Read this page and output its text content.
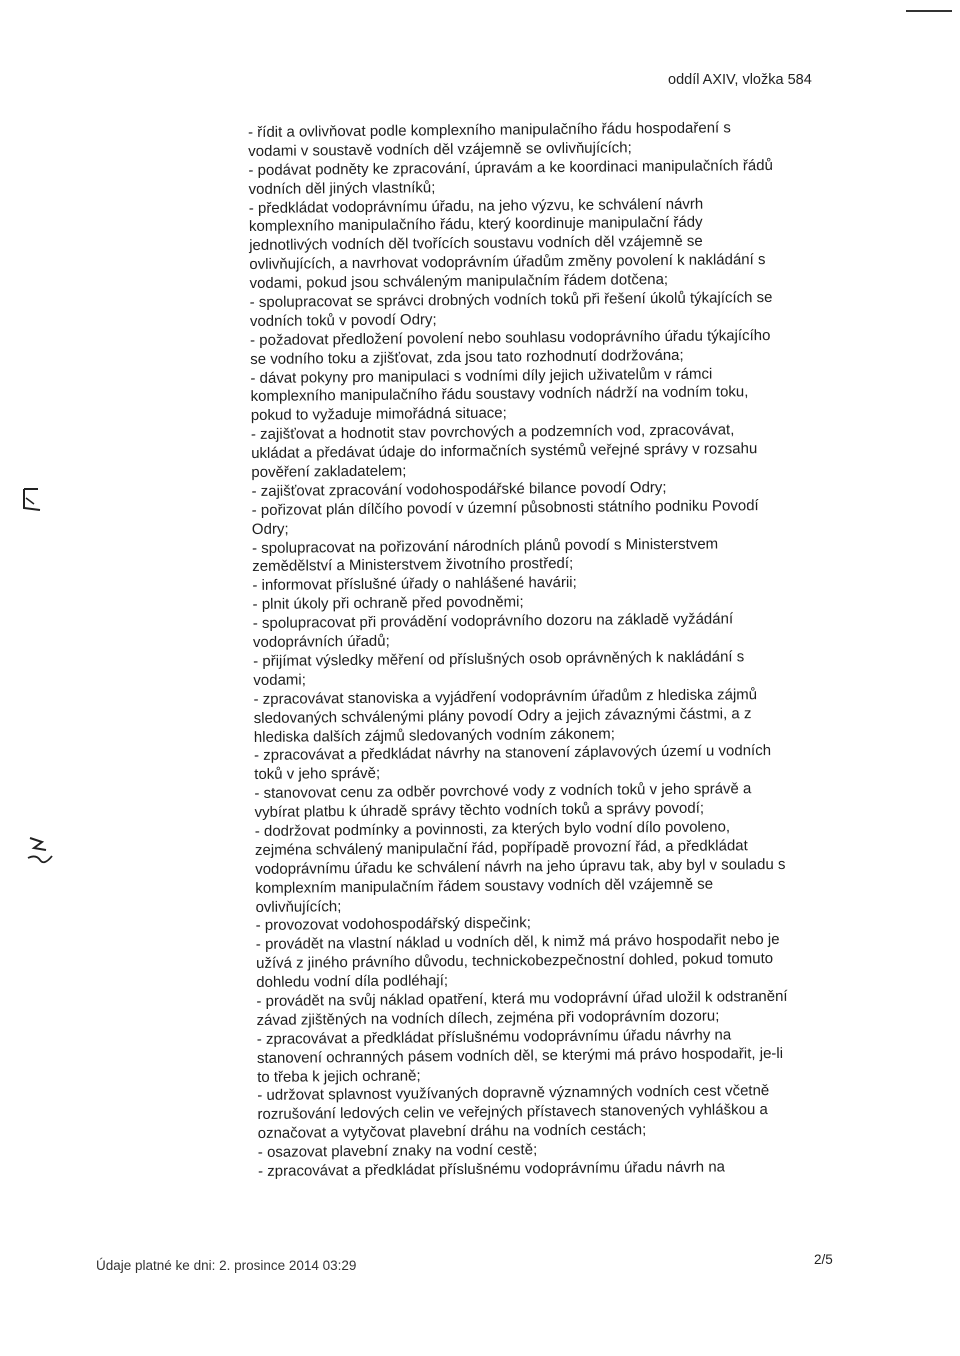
oddíl AXIV, vložka 584
- řídit a ovlivňovat podle komplexního manipulačního řádu hospodaření s
vodami v soustavě vodních děl vzájemně se ovlivňujících;
- podávat podněty ke zpracování, úpravám a ke koordinaci manipulačních řádů
vodních děl jiných vlastníků;
- předkládat vodoprávnímu úřadu, na jeho výzvu, ke schválení návrh
komplexního manipulačního řádu, který koordinuje manipulační řády
jednotlivých vodních děl tvořících soustavu vodních děl vzájemně se
ovlivňujících, a navrhovat vodoprávním úřadům změny povolení k nakládání s
vodami, pokud jsou schváleným manipulačním řádem dotčena;
- spolupracovat se správci drobných vodních toků při řešení úkolů týkajících se
vodních toků v povodí Odry;
- požadovat předložení povolení nebo souhlasu vodoprávního úřadu týkajícího
se vodního toku a zjišťovat, zda jsou tato rozhodnutí dodržována;
- dávat pokyny pro manipulaci s vodními díly jejich uživatelům v rámci
komplexního manipulačního řádu soustavy vodních nádrží na vodním toku,
pokud to vyžaduje mimořádná situace;
- zajišťovat a hodnotit stav povrchových a podzemních vod, zpracovávat,
ukládat a předávat údaje do informačních systémů veřejné správy v rozsahu
pověření zakladatelem;
- zajišťovat zpracování vodohospodářské bilance povodí Odry;
- pořizovat plán dílčího povodí v územní působnosti státního podniku Povodí
Odry;
- spolupracovat na pořizování národních plánů povodí s Ministerstvem
zemědělství a Ministerstvem životního prostředí;
- informovat příslušné úřady o nahlášené havárii;
- plnit úkoly při ochraně před povodněmi;
- spolupracovat při provádění vodoprávního dozoru na základě vyžádání
vodoprávních úřadů;
- přijímat výsledky měření od příslušných osob oprávněných k nakládání s
vodami;
- zpracovávat stanoviska a vyjádření vodoprávním úřadům z hlediska zájmů
sledovaných schválenými plány povodí Odry a jejich závaznými částmi, a z
hlediska dalších zájmů sledovaných vodním zákonem;
- zpracovávat a předkládat návrhy na stanovení záplavových území u vodních
toků v jeho správě;
- stanovovat cenu za odběr povrchové vody z vodních toků v jeho správě a
vybírat platbu k úhradě správy těchto vodních toků a správy povodí;
- dodržovat podmínky a povinnosti, za kterých bylo vodní dílo povoleno,
zejména schválený manipulační řád, popřípadě provozní řád, a předkládat
vodoprávnímu úřadu ke schválení návrh na jeho úpravu tak, aby byl v souladu s
komplexním manipulačním řádem soustavy vodních děl vzájemně se
ovlivňujících;
- provozovat vodohospodářský dispečink;
- provádět na vlastní náklad u vodních děl, k nimž má právo hospodařit nebo je
užívá z jiného právního důvodu, technickobezpečnostní dohled, pokud tomuto
dohledu vodní díla podléhají;
- provádět na svůj náklad opatření, která mu vodoprávní úřad uložil k odstranění
závad zjištěných na vodních dílech, zejména při vodoprávním dozoru;
- zpracovávat a předkládat příslušnému vodoprávnímu úřadu návrhy na
stanovení ochranných pásem vodních děl, se kterými má právo hospodařit, je-li
to třeba k jejich ochraně;
- udržovat splavnost využívaných dopravně významných vodních cest včetně
rozrušování ledových celin ve veřejných přístavech stanovených vyhláškou a
označovat a vytyčovat plavební dráhu na vodních cestách;
- osazovat plavební znaky na vodní cestě;
- zpracovávat a předkládat příslušnému vodoprávnímu úřadu návrh na
Údaje platné ke dni: 2. prosince 2014 03:29	2/5
